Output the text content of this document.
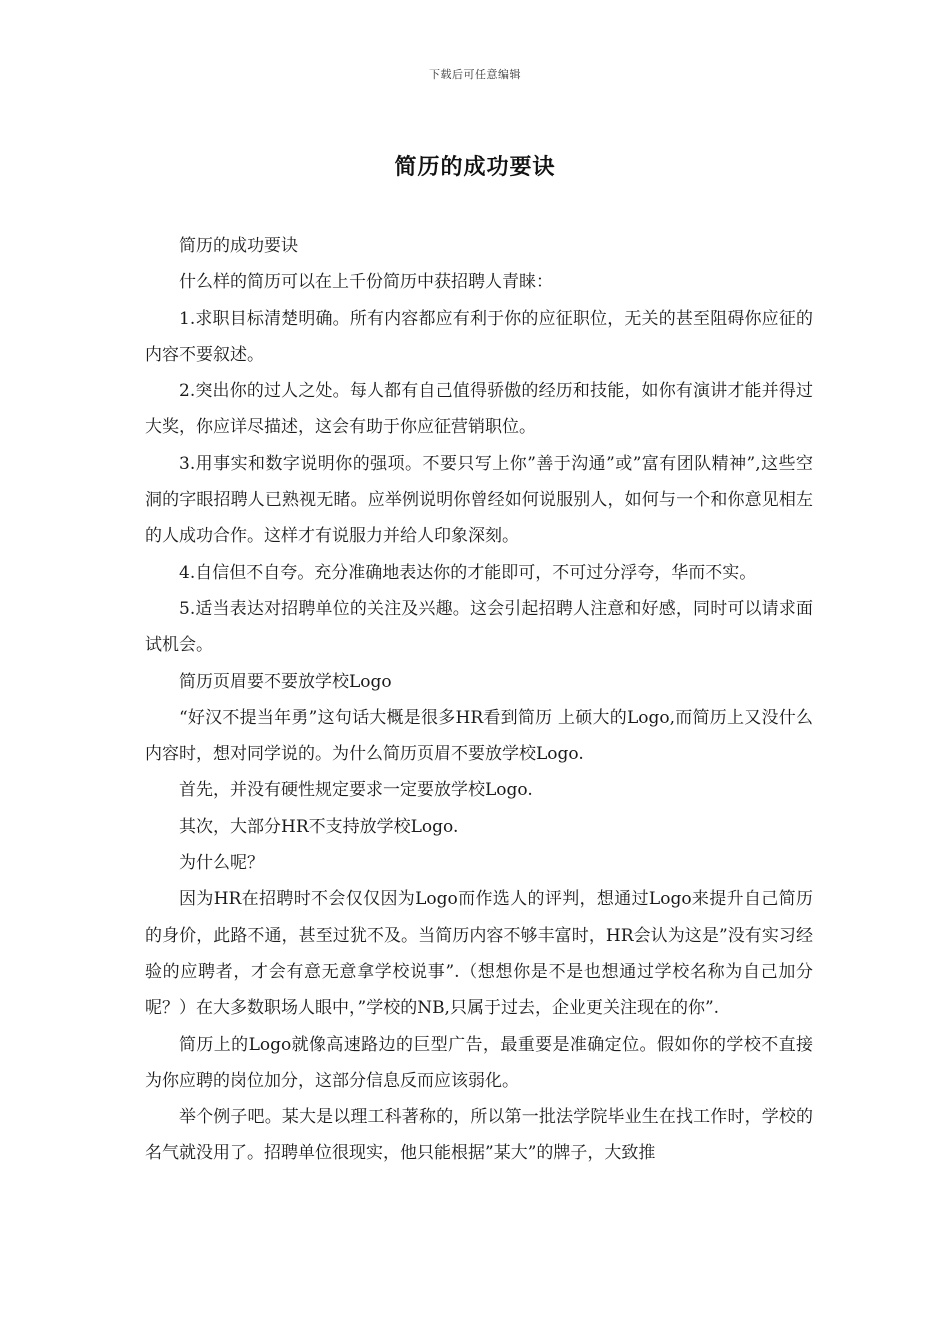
下载后可任意编辑
简历的成功要诀

简历的成功要诀

什么样的简历可以在上千份简历中获招聘人青睐：

1.求职目标清楚明确。所有内容都应有利于你的应征职位，无关的甚至阻碍你应征的内容不要叙述。

2.突出你的过人之处。每人都有自己值得骄傲的经历和技能，如你有演讲才能并得过大奖，你应详尽描述，这会有助于你应征营销职位。

3.用事实和数字说明你的强项。不要只写上你”善于沟通”或”富有团队精神”,这些空洞的字眼招聘人已熟视无睹。应举例说明你曾经如何说服别人，如何与一个和你意见相左的人成功合作。这样才有说服力并给人印象深刻。

4.自信但不自夸。充分准确地表达你的才能即可，不可过分浮夸，华而不实。

5.适当表达对招聘单位的关注及兴趣。这会引起招聘人注意和好感，同时可以请求面试机会。

简历页眉要不要放学校Logo

“好汉不提当年勇”这句话大概是很多HR看到简历 上硕大的Logo,而简历上又没什么内容时，想对同学说的。为什么简历页眉不要放学校Logo.

首先，并没有硬性规定要求一定要放学校Logo.

其次，大部分HR不支持放学校Logo.

为什么呢？

因为HR在招聘时不会仅仅因为Logo而作选人的评判，想通过Logo来提升自己简历的身价，此路不通，甚至过犹不及。当简历内容不够丰富时，HR会认为这是”没有实习经验的应聘者，才会有意无意拿学校说事”.（想想你是不是也想通过学校名称为自己加分呢？）在大多数职场人眼中，”学校的NB,只属于过去，企业更关注现在的你”.

简历上的Logo就像高速路边的巨型广告，最重要是准确定位。假如你的学校不直接为你应聘的岗位加分，这部分信息反而应该弱化。

举个例子吧。某大是以理工科著称的，所以第一批法学院毕业生在找工作时，学校的名气就没用了。招聘单位很现实，他只能根据”某大”的牌子，大致推
